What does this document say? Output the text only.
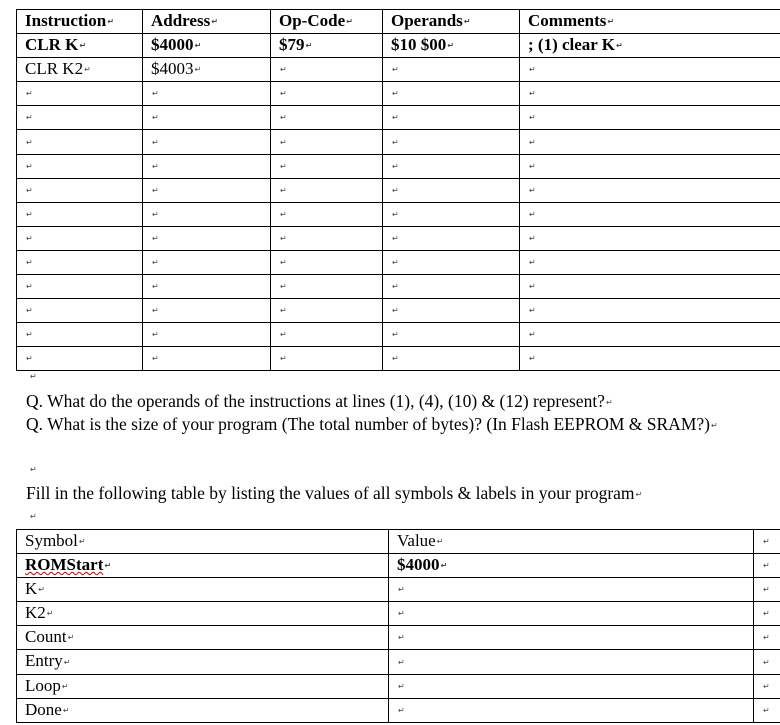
Instruction↵	Address↵	Op-Code↵	Operands↵	Comments↵
CLR K↵	$4000↵	$79↵	$10 $00↵	; (1) clear K↵
CLR K2↵	$4003↵	↵	↵	↵
↵	↵	↵	↵	↵
↵	↵	↵	↵	↵
↵	↵	↵	↵	↵
↵	↵	↵	↵	↵
↵	↵	↵	↵	↵
↵	↵	↵	↵	↵
↵	↵	↵	↵	↵
↵	↵	↵	↵	↵
↵	↵	↵	↵	↵
↵	↵	↵	↵	↵
↵	↵	↵	↵	↵
↵	↵	↵	↵	↵
↵
Q. What do the operands of the instructions at lines (1), (4), (10) & (12) represent?↵
Q. What is the size of your program (The total number of bytes)? (In Flash EEPROM & SRAM?)↵
↵
Fill in the following table by listing the values of all symbols & labels in your program↵
↵
Symbol↵	Value↵	↵
ROMStart↵	$4000↵	↵
K↵	↵	↵
K2↵	↵	↵
Count↵	↵	↵
Entry↵	↵	↵
Loop↵	↵	↵
Done↵	↵	↵
